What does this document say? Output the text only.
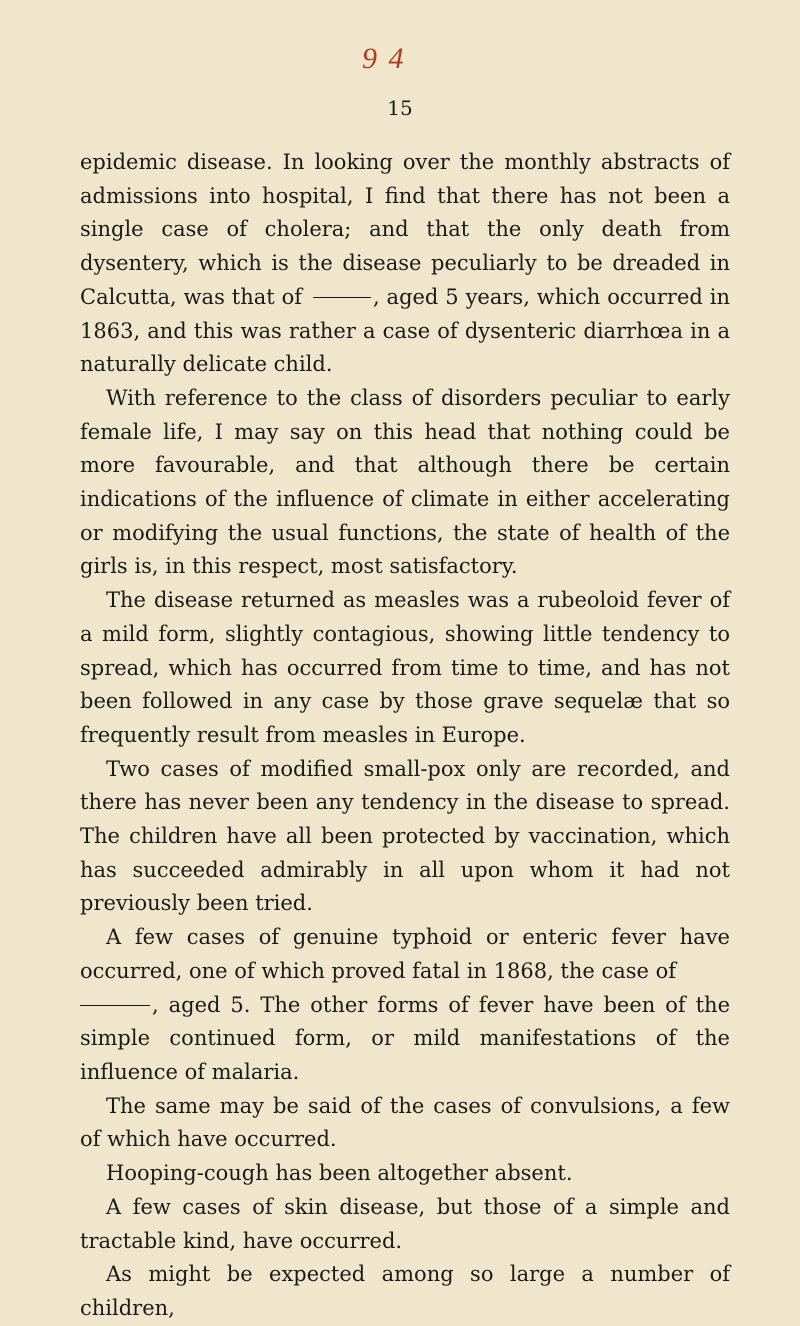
9 4
15

epidemic disease. In looking over the monthly abstracts of admissions into hospital, I find that there has not been a single case of cholera; and that the only death from dysentery, which is the disease peculiarly to be dreaded in Calcutta, was that of	, aged 5 years, which occurred in 1863, and this was rather a case of dysenteric diarrhœa in a naturally delicate child.

With reference to the class of disorders peculiar to early female life, I may say on this head that nothing could be more favourable, and that although there be certain indications of the influence of climate in either accelerating or modifying the usual functions, the state of health of the girls is, in this respect, most satisfactory.

The disease returned as measles was a rubeoloid fever of a mild form, slightly contagious, showing little tendency to spread, which has occurred from time to time, and has not been followed in any case by those grave sequelæ that so frequently result from measles in Europe.

Two cases of modified small-pox only are recorded, and there has never been any tendency in the disease to spread. The children have all been protected by vaccination, which has succeeded admirably in all upon whom it had not previously been tried.

A few cases of genuine typhoid or enteric fever have occurred, one of which proved fatal in 1868, the case of
, aged 5. The other forms of fever have been of the simple continued form, or mild manifestations of the influence of malaria.

The same may be said of the cases of convulsions, a few of which have occurred.

Hooping-cough has been altogether absent.

A few cases of skin disease, but those of a simple and tractable kind, have occurred.

As might be expected among so large a number of children,
